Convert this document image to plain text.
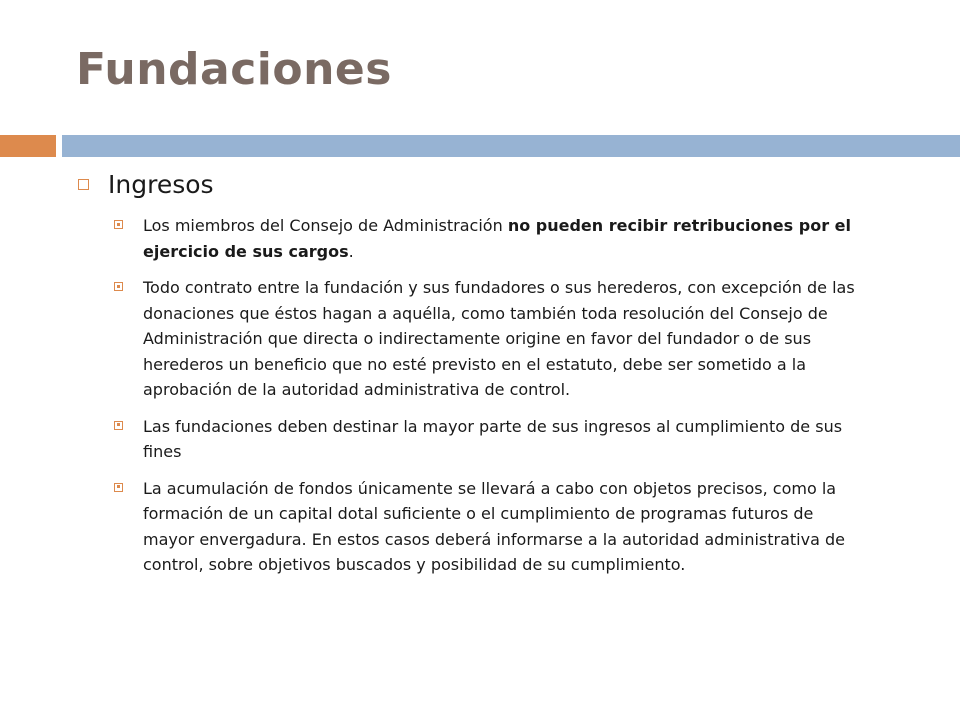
Fundaciones
Ingresos
Los miembros del Consejo de Administración no pueden recibir retribuciones por el ejercicio de sus cargos.
Todo contrato entre la fundación y sus fundadores o sus herederos, con excepción de las donaciones que éstos hagan a aquélla, como también toda resolución del Consejo de Administración que directa o indirectamente origine en favor del fundador o de sus herederos un beneficio que no esté previsto en el estatuto, debe ser sometido a la aprobación de la autoridad administrativa de control.
Las fundaciones deben destinar la mayor parte de sus ingresos al cumplimiento de sus fines
La acumulación de fondos únicamente se llevará a cabo con objetos precisos, como la formación de un capital dotal suficiente o el cumplimiento de programas futuros de mayor envergadura. En estos casos deberá informarse a la autoridad administrativa de control, sobre objetivos buscados y posibilidad de su cumplimiento.
